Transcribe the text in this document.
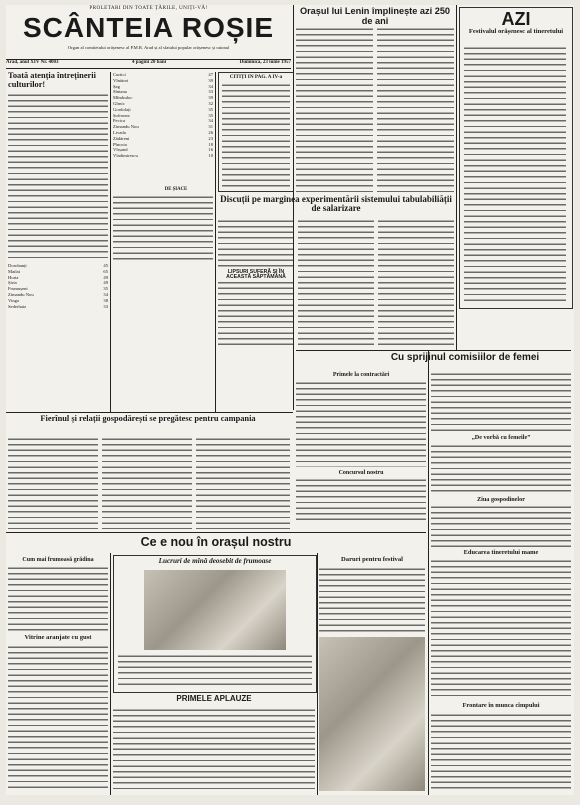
PROLETARI DIN TOATE ȚĂRILE, UNIȚI-VĂ!
SCÂNTEIA ROȘIE
Organ al comitetului orășenesc al P.M.R. Arad și al sfatului popular orășenesc și raional
Arad, anul XIV Nr. 4003	4 pagini 20 bani	Duminică, 23 iunie 1957
Orașul lui Lenin împlinește azi 250 de ani	AZI
Festivalul orășenesc al tineretului
Toată atenția întreținerii culturilor!
Dorobanți	45
Mailat	65
Horia	49
Șiria	49
Frumușeni	35
Zimandu Nou	34
Vinga	38
Sederhaiz	33
Curtici	47
Vînători	39
Șag	34
Sîntana	33
Mîndruloc	39
Gîrnic	32
Gordolați	35
Șofronea	35
Pecica	34
Zimandu Nou	31
Livada	26
Zădăreni	23
Pîncota	18
Vîrșand	16
Vladimirescu	10
DE ȘIACE
CITIȚI IN PAG. A IV-a
Discuții pe marginea experimentării sistemului tabulabiliății de salarizare
LIPSURI SUFERĂ ȘI ÎN ACEASTĂ SĂPTĂMÂNĂ
Cu sprijinul comisiilor de femei
Primele la contractări
Concursul nostru
„De vorbă cu femeile”
Ziua gospodinelor
Fierînul și relații gospodărești se pregătesc pentru campania
Ce e nou în orașul nostru
Cum mai frumoasă grădina
Vitrine aranjate cu gust
Lucruri de mînă deosebit de frumoase
PRIMELE APLAUZE
Daruri pentru festival
Educarea tineretului mame
Frontare în munca cîmpului
